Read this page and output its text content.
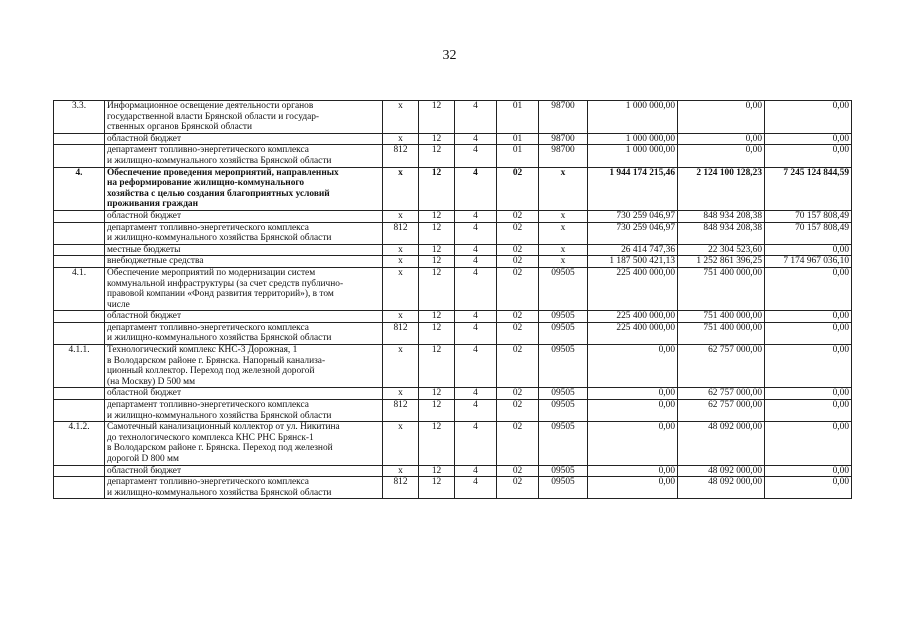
32
3.3.	Информационное освещение деятельности органов
государственной власти Брянской области и государ-
ственных органов Брянской области	х	12	4	01	98700	1 000 000,00	0,00	0,00

	областной бюджет	х	12	4	01	98700	1 000 000,00	0,00	0,00

	департамент топливно-энергетического комплекса
и жилищно-коммунального хозяйства Брянской области	812	12	4	01	98700	1 000 000,00	0,00	0,00
4.	Обеспечение проведения мероприятий, направленных
на реформирование жилищно-коммунального
хозяйства с целью создания благоприятных условий
проживания граждан	х	12	4	02	х	1 944 174 215,46	2 124 100 128,23	7 245 124 844,59

	областной бюджет	х	12	4	02	х	730 259 046,97	848 934 208,38	70 157 808,49

	департамент топливно-энергетического комплекса
и жилищно-коммунального хозяйства Брянской области	812	12	4	02	х	730 259 046,97	848 934 208,38	70 157 808,49

	местные бюджеты	х	12	4	02	х	26 414 747,36	22 304 523,60	0,00

	внебюджетные средства	х	12	4	02	х	1 187 500 421,13	1 252 861 396,25	7 174 967 036,10
4.1.	Обеспечение мероприятий по модернизации систем
коммунальной инфраструктуры (за счет средств публично-
правовой компании «Фонд развития территорий»), в том
числе	х	12	4	02	09505	225 400 000,00	751 400 000,00	0,00

	областной бюджет	х	12	4	02	09505	225 400 000,00	751 400 000,00	0,00

	департамент топливно-энергетического комплекса
и жилищно-коммунального хозяйства Брянской области	812	12	4	02	09505	225 400 000,00	751 400 000,00	0,00
4.1.1.	Технологический комплекс КНС-3 Дорожная, 1
в Володарском районе г. Брянска. Напорный канализа-
ционный коллектор. Переход под железной дорогой
(на Москву) D 500 мм	х	12	4	02	09505	0,00	62 757 000,00	0,00

	областной бюджет	х	12	4	02	09505	0,00	62 757 000,00	0,00

	департамент топливно-энергетического комплекса
и жилищно-коммунального хозяйства Брянской области	812	12	4	02	09505	0,00	62 757 000,00	0,00
4.1.2.	Самотечный канализационный коллектор от ул. Никитина
до технологического комплекса КНС РНС Брянск-1
в Володарском районе г. Брянска. Переход под железной
дорогой D 800 мм	х	12	4	02	09505	0,00	48 092 000,00	0,00

	областной бюджет	х	12	4	02	09505	0,00	48 092 000,00	0,00

	департамент топливно-энергетического комплекса
и жилищно-коммунального хозяйства Брянской области	812	12	4	02	09505	0,00	48 092 000,00	0,00
